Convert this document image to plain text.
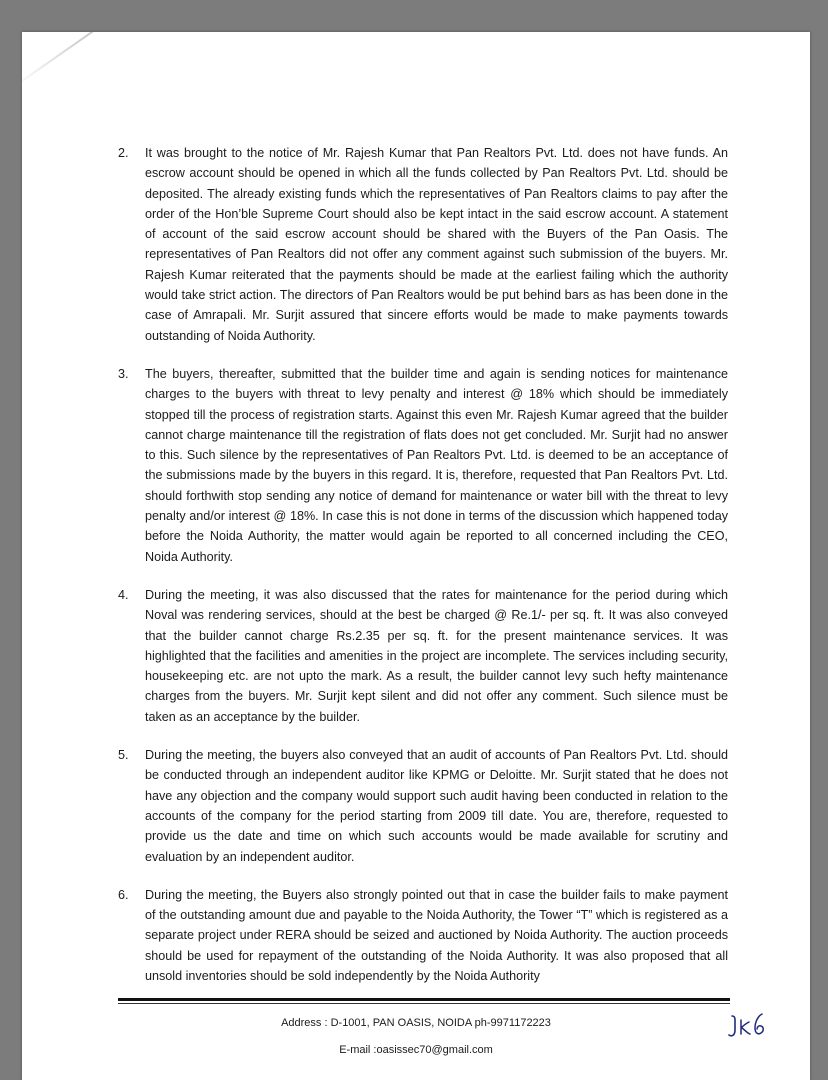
2. It was brought to the notice of Mr. Rajesh Kumar that Pan Realtors Pvt. Ltd. does not have funds. An escrow account should be opened in which all the funds collected by Pan Realtors Pvt. Ltd. should be deposited. The already existing funds which the representatives of Pan Realtors claims to pay after the order of the Hon’ble Supreme Court should also be kept intact in the said escrow account. A statement of account of the said escrow account should be shared with the Buyers of the Pan Oasis. The representatives of Pan Realtors did not offer any comment against such submission of the buyers. Mr. Rajesh Kumar reiterated that the payments should be made at the earliest failing which the authority would take strict action. The directors of Pan Realtors would be put behind bars as has been done in the case of Amrapali. Mr. Surjit assured that sincere efforts would be made to make payments towards outstanding of Noida Authority.

3. The buyers, thereafter, submitted that the builder time and again is sending notices for maintenance charges to the buyers with threat to levy penalty and interest @ 18% which should be immediately stopped till the process of registration starts. Against this even Mr. Rajesh Kumar agreed that the builder cannot charge maintenance till the registration of flats does not get concluded. Mr. Surjit had no answer to this. Such silence by the representatives of Pan Realtors Pvt. Ltd. is deemed to be an acceptance of the submissions made by the buyers in this regard. It is, therefore, requested that Pan Realtors Pvt. Ltd. should forthwith stop sending any notice of demand for maintenance or water bill with the threat to levy penalty and/or interest @ 18%. In case this is not done in terms of the discussion which happened today before the Noida Authority, the matter would again be reported to all concerned including the CEO, Noida Authority.

4. During the meeting, it was also discussed that the rates for maintenance for the period during which Noval was rendering services, should at the best be charged @ Re.1/- per sq. ft. It was also conveyed that the builder cannot charge Rs.2.35 per sq. ft. for the present maintenance services. It was highlighted that the facilities and amenities in the project are incomplete. The services including security, housekeeping etc. are not upto the mark. As a result, the builder cannot levy such hefty maintenance charges from the buyers. Mr. Surjit kept silent and did not offer any comment. Such silence must be taken as an acceptance by the builder.

5. During the meeting, the buyers also conveyed that an audit of accounts of Pan Realtors Pvt. Ltd. should be conducted through an independent auditor like KPMG or Deloitte. Mr. Surjit stated that he does not have any objection and the company would support such audit having been conducted in relation to the accounts of the company for the period starting from 2009 till date. You are, therefore, requested to provide us the date and time on which such accounts would be made available for scrutiny and evaluation by an independent auditor.

6. During the meeting, the Buyers also strongly pointed out that in case the builder fails to make payment of the outstanding amount due and payable to the Noida Authority, the Tower “T” which is registered as a separate project under RERA should be seized and auctioned by Noida Authority. The auction proceeds should be used for repayment of the outstanding of the Noida Authority. It was also proposed that all unsold inventories should be sold independently by the Noida Authority

Address : D-1001, PAN OASIS, NOIDA ph-9971172223
E-mail :oasissec70@gmail.com
